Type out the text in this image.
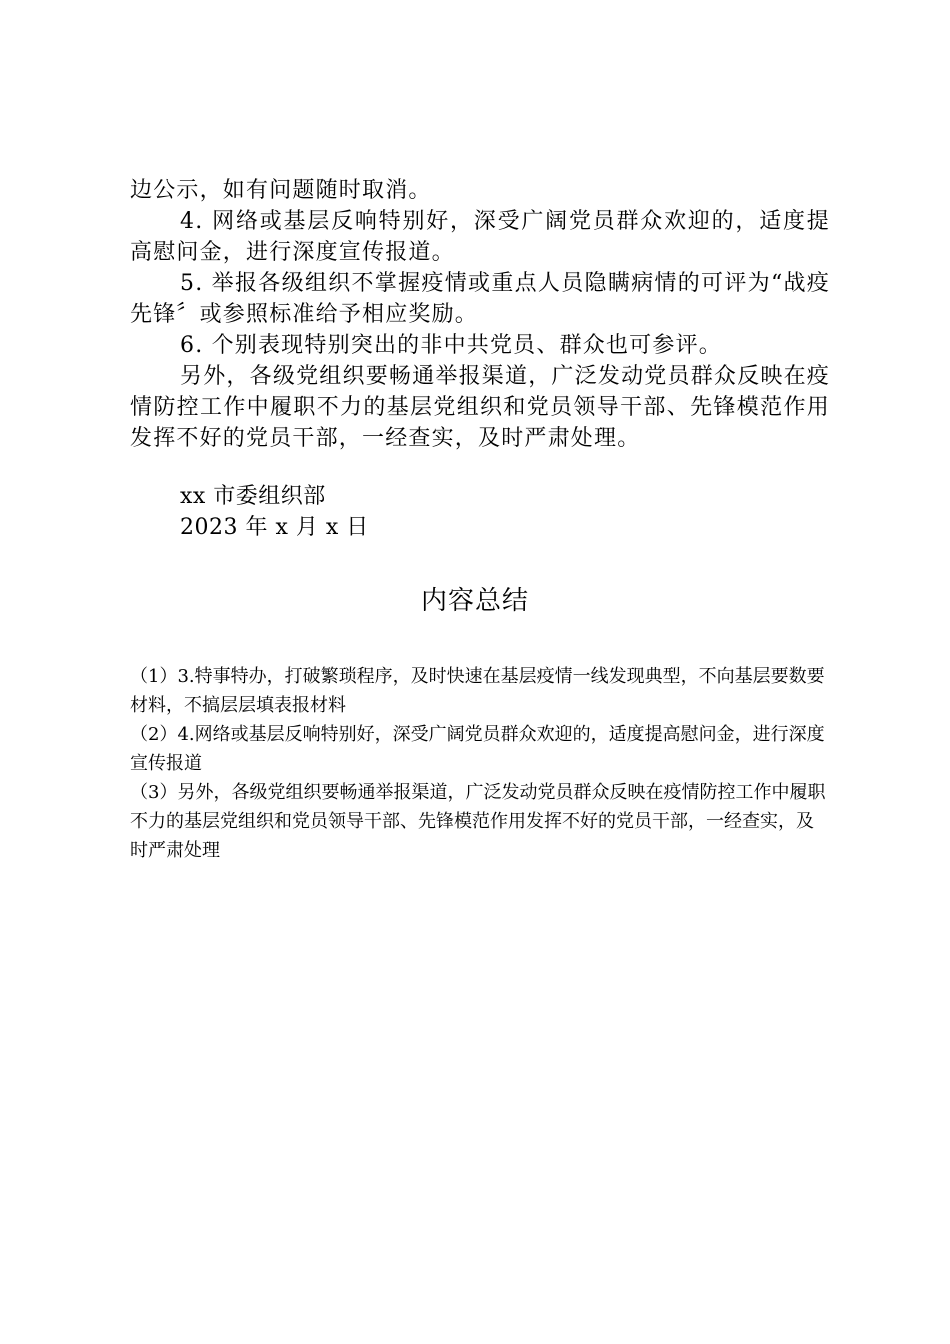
边公示，如有问题随时取消。

4. 网络或基层反响特别好，深受广阔党员群众欢迎的，适度提高慰问金，进行深度宣传报道。

5. 举报各级组织不掌握疫情或重点人员隐瞒病情的可评为“战疫先锋〞或参照标准给予相应奖励。

6. 个别表现特别突出的非中共党员、群众也可参评。

另外，各级党组织要畅通举报渠道，广泛发动党员群众反映在疫情防控工作中履职不力的基层党组织和党员领导干部、先锋模范作用发挥不好的党员干部，一经查实，及时严肃处理。

xx 市委组织部
2023 年 x 月 x 日
内容总结

（1）3.特事特办，打破繁琐程序，及时快速在基层疫情一线发现典型，不向基层要数要材料，不搞层层填表报材料

（2）4.网络或基层反响特别好，深受广阔党员群众欢迎的，适度提高慰问金，进行深度宣传报道

（3）另外，各级党组织要畅通举报渠道，广泛发动党员群众反映在疫情防控工作中履职不力的基层党组织和党员领导干部、先锋模范作用发挥不好的党员干部，一经查实，及时严肃处理
